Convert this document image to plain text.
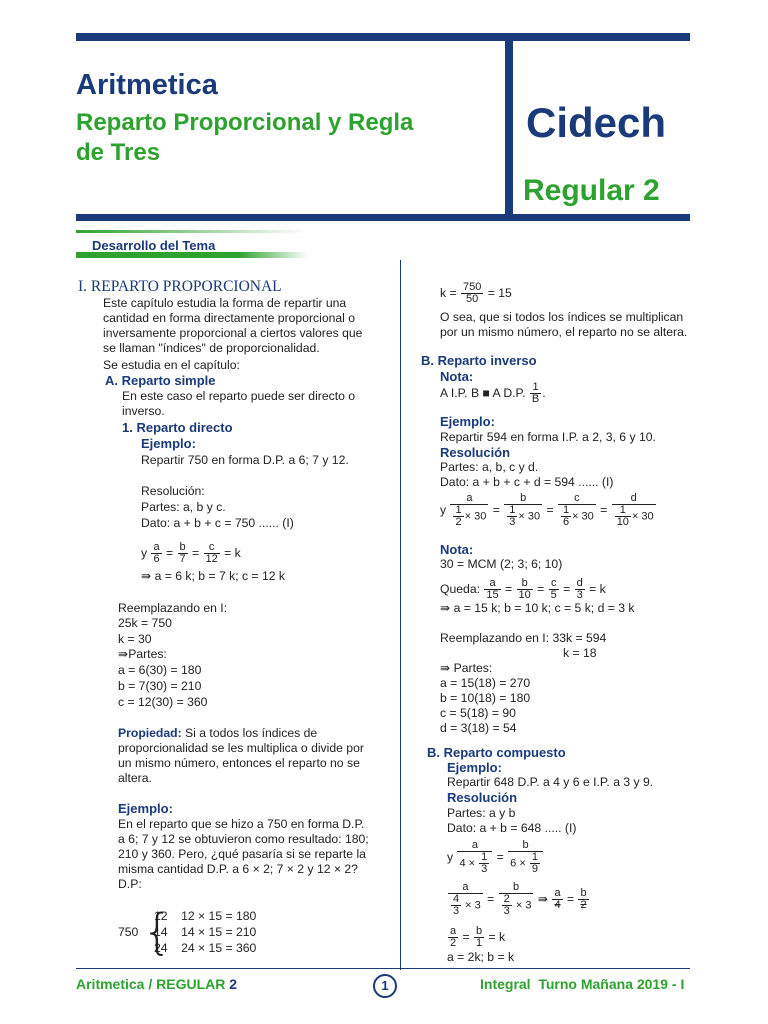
Aritmetica
Reparto Proporcional y Regla
de Tres
Cidech
Regular 2
Desarrollo del Tema
I. REPARTO PROPORCIONAL
Este capítulo estudia la forma de repartir una
cantidad en forma directamente proporcional o
inversamente proporcional a ciertos valores que
se llaman "índices" de proporcionalidad.
Se estudia en el capítulo:
A. Reparto simple
En este caso el reparto puede ser directo o
inverso.
1. Reparto directo
Ejemplo:
Repartir 750 en forma D.P. a 6; 7 y 12.
Resolución:
Partes: a, b y c.
Dato: a + b + c = 750 ...... (I)
y $\frac{a}{6} = \frac{b}{7} = \frac{c}{12} = k$
⇛ a = 6 k; b = 7 k; c = 12 k
Reemplazando en I:
25k = 750
k = 30
⇛Partes:
a = 6(30) = 180
b = 7(30) = 210
c = 12(30) = 360
Propiedad: Si a todos los índices de
proporcionalidad se les multiplica o divide por
un mismo número, entonces el reparto no se
altera.
Ejemplo:
En el reparto que se hizo a 750 en forma D.P.
a 6; 7 y 12 se obtuvieron como resultado: 180;
210 y 360. Pero, ¿qué pasaría si se reparte la
misma cantidad D.P. a 6 × 2; 7 × 2 y 12 × 2?
D.P:
750 {
12    12 × 15 = 180
14    14 × 15 = 210
24    24 × 15 = 360
$k = \frac{750}{50} = 15$
O sea, que si todos los índices se multiplican
por un mismo número, el reparto no se altera.
B. Reparto inverso
Nota:
A I.P. B ■ A D.P. $\frac{1}{B}$ .
Ejemplo:
Repartir 594 en forma I.P. a 2, 3, 6 y 10.
Resolución
Partes: a, b, c y d.
Dato: a + b + c + d = 594 ...... (I)
y $\frac{a}{\frac{1}{2} \times 30} = \frac{b}{\frac{1}{3} \times 30} = \frac{c}{\frac{1}{6} \times 30} = \frac{d}{\frac{1}{10} \times 30}$
Nota:
30 = MCM (2; 3; 6; 10)
Queda: $\frac{a}{15} = \frac{b}{10} = \frac{c}{5} = \frac{d}{3} = k$
⇛ a = 15 k; b = 10 k; c = 5 k; d = 3 k
Reemplazando en I: 33k = 594
k = 18
⇛ Partes:
a = 15(18) = 270
b = 10(18) = 180
c = 5(18) = 90
d = 3(18) = 54
B. Reparto compuesto
Ejemplo:
Repartir 648 D.P. a 4 y 6 e I.P. a 3 y 9.
Resolución
Partes: a y b
Dato: a + b = 648 ..... (I)
y $\frac{a}{4 \times \frac{1}{3}} = \frac{b}{6 \times \frac{1}{9}}$
$\frac{a}{\frac{4}{3} \times 3} = \frac{b}{\frac{2}{3} \times 3}$ ⇛ $\frac{a}{4} = \frac{b}{2}$
$\frac{a}{2} = \frac{b}{1} = k$
a = 2k; b = k
Aritmetica / REGULAR 2	1	Integral  Turno Mañana 2019 - I
